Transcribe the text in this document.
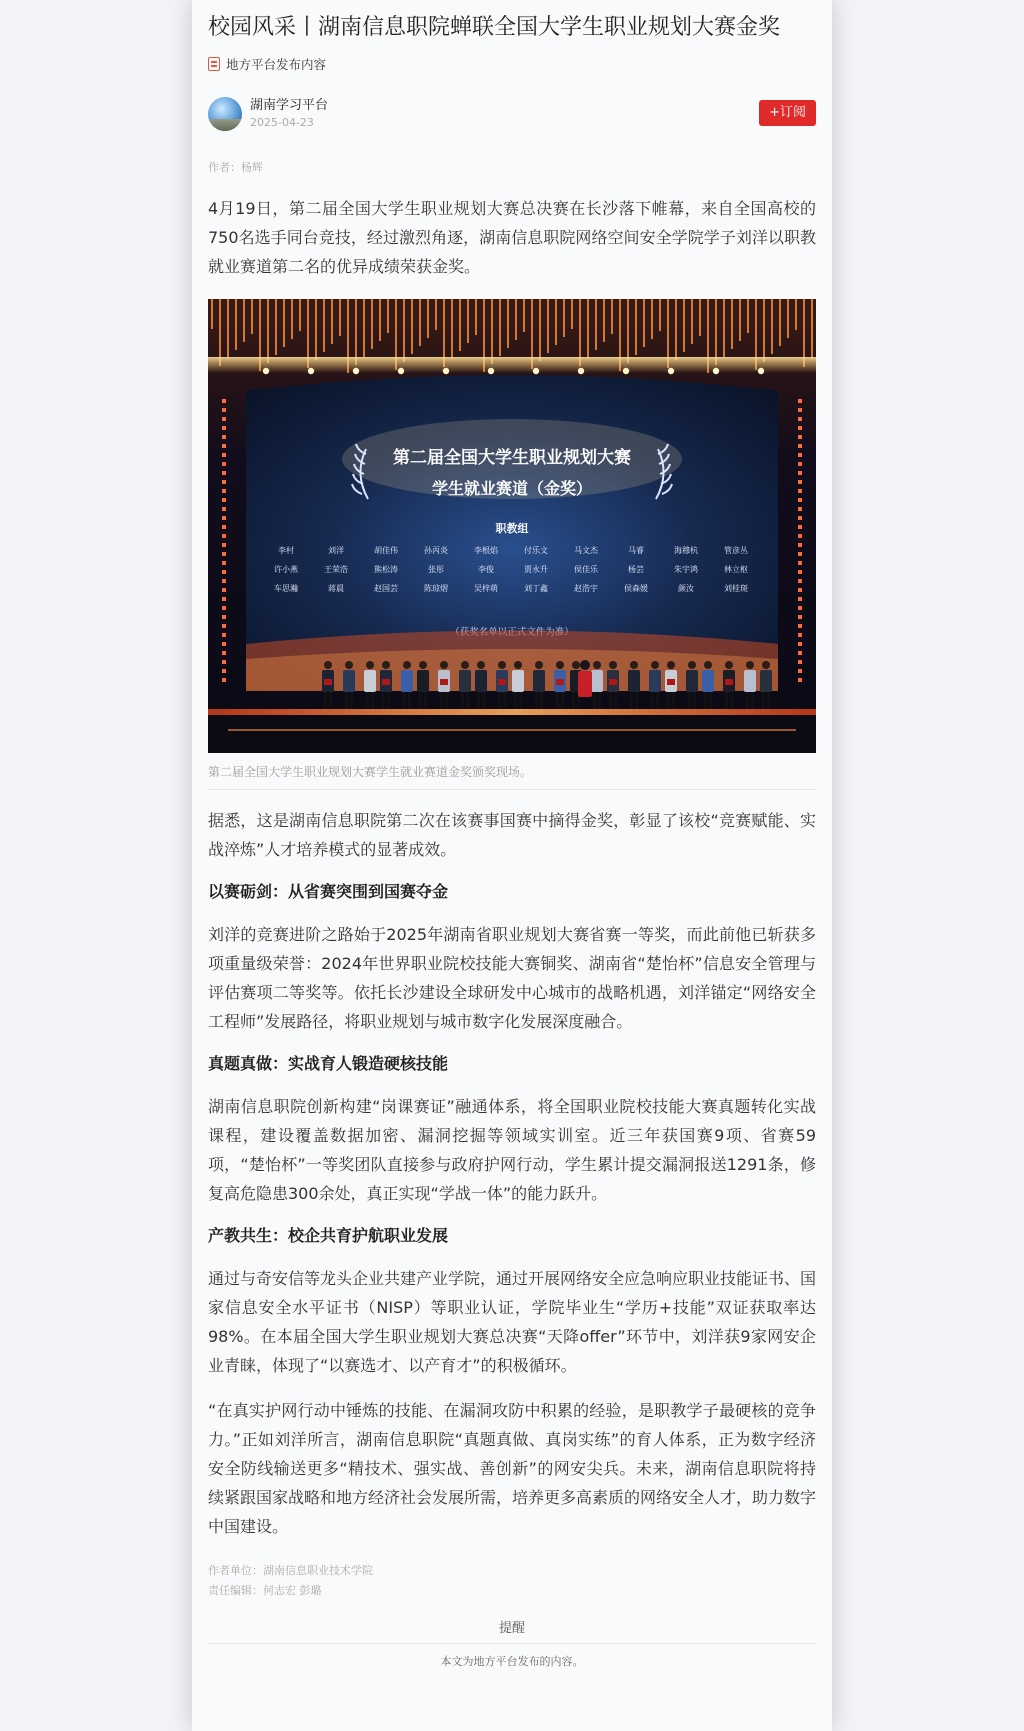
校园风采丨湖南信息职院蝉联全国大学生职业规划大赛金奖
地方平台发布内容
湖南学习平台
2025-04-23
+订阅
作者：杨辉

4月19日，第二届全国大学生职业规划大赛总决赛在长沙落下帷幕，来自全国高校的750名选手同台竞技，经过激烈角逐，湖南信息职院网络空间安全学院学子刘洋以职教就业赛道第二名的优异成绩荣获金奖。

第二届全国大学生职业规划大赛
学生就业赛道（金奖）
职教组
李村	刘洋	胡佳伟	孙丙炎	李根焰	付乐文	马文杰	马睿	海穆杭	管彦丛
许小燕	王荣浩	熊松涛	张彤	李俊	贾永升	侯佳乐	杨芸	朱宇鸿	林立枢
车思瀚	蒋晨	赵国芸	陈琼熠	吴梓萌	刘丁鑫	赵浩宇	侯森媛	颜汝	刘桂斑
第二届全国大学生职业规划大赛学生就业赛道金奖颁奖现场。

据悉，这是湖南信息职院第二次在该赛事国赛中摘得金奖，彰显了该校“竞赛赋能、实战淬炼”人才培养模式的显著成效。

以赛砺剑：从省赛突围到国赛夺金

刘洋的竞赛进阶之路始于2025年湖南省职业规划大赛省赛一等奖，而此前他已斩获多项重量级荣誉：2024年世界职业院校技能大赛铜奖、湖南省“楚怡杯”信息安全管理与评估赛项二等奖等。依托长沙建设全球研发中心城市的战略机遇，刘洋锚定“网络安全工程师”发展路径，将职业规划与城市数字化发展深度融合。

真题真做：实战育人锻造硬核技能

湖南信息职院创新构建“岗课赛证”融通体系，将全国职业院校技能大赛真题转化实战课程，建设覆盖数据加密、漏洞挖掘等领域实训室。近三年获国赛9项、省赛59项，“楚怡杯”一等奖团队直接参与政府护网行动，学生累计提交漏洞报送1291条，修复高危隐患300余处，真正实现“学战一体”的能力跃升。

产教共生：校企共育护航职业发展

通过与奇安信等龙头企业共建产业学院，通过开展网络安全应急响应职业技能证书、国家信息安全水平证书（NISP）等职业认证，学院毕业生“学历+技能”双证获取率达98%。在本届全国大学生职业规划大赛总决赛“天降offer”环节中，刘洋获9家网安企业青睐，体现了“以赛选才、以产育才”的积极循环。

“在真实护网行动中锤炼的技能、在漏洞攻防中积累的经验，是职教学子最硬核的竞争力。”正如刘洋所言，湖南信息职院“真题真做、真岗实练”的育人体系，正为数字经济安全防线输送更多“精技术、强实战、善创新”的网安尖兵。未来，湖南信息职院将持续紧跟国家战略和地方经济社会发展所需，培养更多高素质的网络安全人才，助力数字中国建设。

作者单位：湖南信息职业技术学院
责任编辑：何志宏 彭璐
提醒
本文为地方平台发布的内容。
